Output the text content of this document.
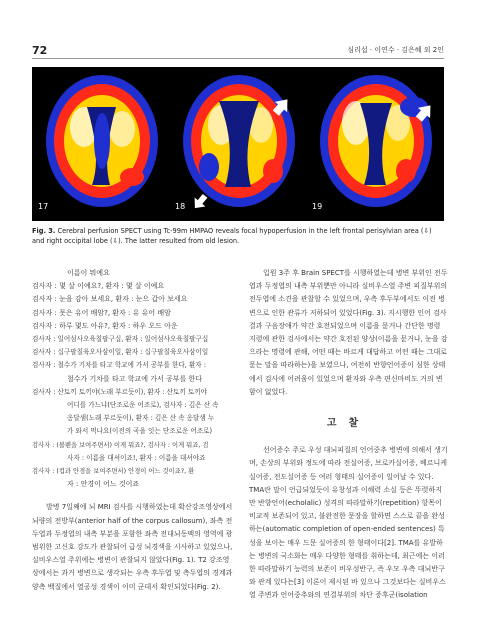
72	심리섭 · 이연수 · 김은혜 외 2인
17	18	19
Fig. 3. Cerebral perfusion SPECT using Tc-99m HMPAO reveals focal hypoperfusion in the left frontal perisylvian area (⇩) and right occipital lobe (⇩). The latter resulted from old lesion.

이름이 뭐예요

검사자 : 몇 살 이예요?, 환자 : 몇 살 이예요

검사자 : 눈을 감아 보세요, 환자 : 눈으 갑아 보세요

검사자 : 못은 유어 배암?, 환자 : 유 유어 배암

검사자 : 하루 몇도 아유?, 환자 : 하우 오드 아운

검사자 : 일어섬사오육칠팔구십, 환자 : 일어섬사오육칠팔구십

검사자 : 십구팔칠육오사삼이일, 환자 : 십구팔칠육오사삼이일

검사자 : 철수가 기차를 타고 학교에 가서 공부를 한다, 환자 :

철수가 기차를 타고 학교에 가서 공부를 한다

검사자 : 산토끼 토끼야(노래 부르듯이), 환자 : 산토끼 토끼야

어디를 가느냐(단조로운 어조로), 검사자 : 깊은 산 속

옹달샘(노래 부르듯이), 환자 : 깊은 산 속 옹달샘 누

가 와서 먹나요(이전의 곡을 잇는 단조로운 어조로)

검사자 : (볼펜을 보여주면서) 이게 뭐죠?, 검사자 : 이게 뭐죠, 검

사자 : 이름을 대셔이죠!, 환자 : 이름을 대셔야죠

검사자 : (컵과 안경을 보여주면서) 안경이 어느 것이죠?, 환

자 : 안경이 어느 것이죠

발병 7일째에 뇌 MRI 검사를 시행하였는데 확산강조영상에서 뇌량의 전방부(anterior half of the corpus callosum), 좌측 전두엽과 두정엽의 내측 부분을 포함한 좌측 전대뇌동맥의 영역에 광범위한 고신호 강도가 관찰되어 급성 뇌경색을 시사하고 있었으나, 실비우스열 주위에는 병변이 관찰되지 않았다(Fig. 1). T2 강조영상에서는 과거 병변으로 생각되는 우측 후두엽 및 측두엽의 경계과 양측 백질에서 열공성 경색이 이미 군데서 확인되었다(Fig. 2).

입원 3주 후 Brain SPECT를 시행하였는데 병변 부위인 전두엽과 두정엽의 내측 부위뿐만 아니라 실비우스열 주변 피질부위의 전두엽에 소견을 관찰할 수 있었으며, 우측 후두부에서도 이전 병변으로 인한 관류가 저하되어 있었다(Fig. 3). 지시행한 인어 검사 결과 구음장애가 약간 호전되었으며 이름을 묻거나 간단한 명령 지령에 관한 검사에서는 약간 호전된 양상(이름을 묻거나, 눈을 감으라는 명령에 관해, 어떤 때는 바르게 대답하고 어떤 때는 그대로 묻는 말을 따라하는)을 보였으나, 여전히 반향언어증이 심한 상태에서 검사에 어려움이 있었으며 환자와 우측 편신마비도 거의 변함이 없었다.

고찰

선어증수 주로 우성 대뇌피질의 언어중추 병변에 의해서 생기며, 손상의 부위와 정도에 따라 전실어증, 브로카실어증, 베르니케실어증, 전도실어증 등 여러 형태의 실어증이 일어날 수 있다. TMA란 말이 언급되었듯이 유창성과 이해력 소실 등은 뚜렷하지만 반향언어(echolalic) 성격의 따라말하기(repetition) 항목이 비교적 보존되어 있고, 불완전한 문장을 할하면 스스로 끝을 완성하는(automatic completion of open-ended sentences) 특성을 보이는 매우 드문 실어증의 한 형태이다[2]. TMA를 유발하는 병변의 국소화는 매우 다양한 형태를 취하는데, 최근에는 이러한 따라말하기 능력의 보존이 비우성반구, 즉 우모 우측 대뇌반구와 관계 있다는[3] 이론이 제시된 바 있으나 그것보다는 실비우스열 주변과 언어중추와의 연결부위의 차단 증후군(isolation
